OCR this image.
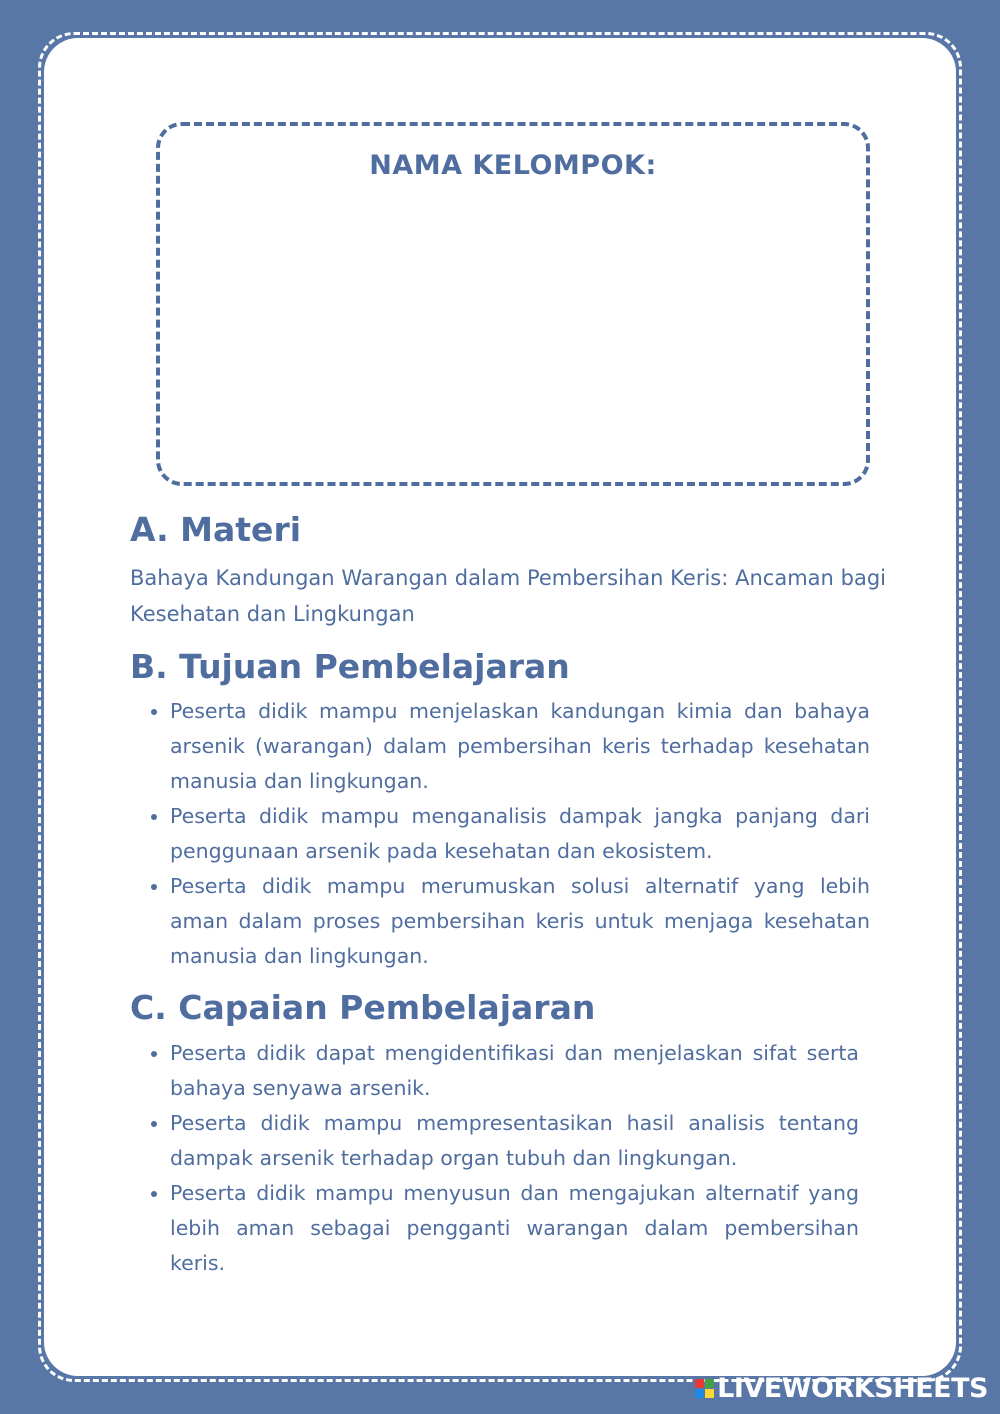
NAMA KELOMPOK:
A. Materi

Bahaya Kandungan Warangan dalam Pembersihan Keris: Ancaman bagi Kesehatan dan Lingkungan

B. Tujuan Pembelajaran
• Peserta didik mampu menjelaskan kandungan kimia dan bahaya arsenik (warangan) dalam pembersihan keris terhadap kesehatan manusia dan lingkungan.
• Peserta didik mampu menganalisis dampak jangka panjang dari penggunaan arsenik pada kesehatan dan ekosistem.
• Peserta didik mampu merumuskan solusi alternatif yang lebih aman dalam proses pembersihan keris untuk menjaga kesehatan manusia dan lingkungan.
C. Capaian Pembelajaran
• Peserta didik dapat mengidentifikasi dan menjelaskan sifat serta bahaya senyawa arsenik.
• Peserta didik mampu mempresentasikan hasil analisis tentang dampak arsenik terhadap organ tubuh dan lingkungan.
• Peserta didik mampu menyusun dan mengajukan alternatif yang lebih aman sebagai pengganti warangan dalam pembersihan keris.
LIVEWORKSHEETS
